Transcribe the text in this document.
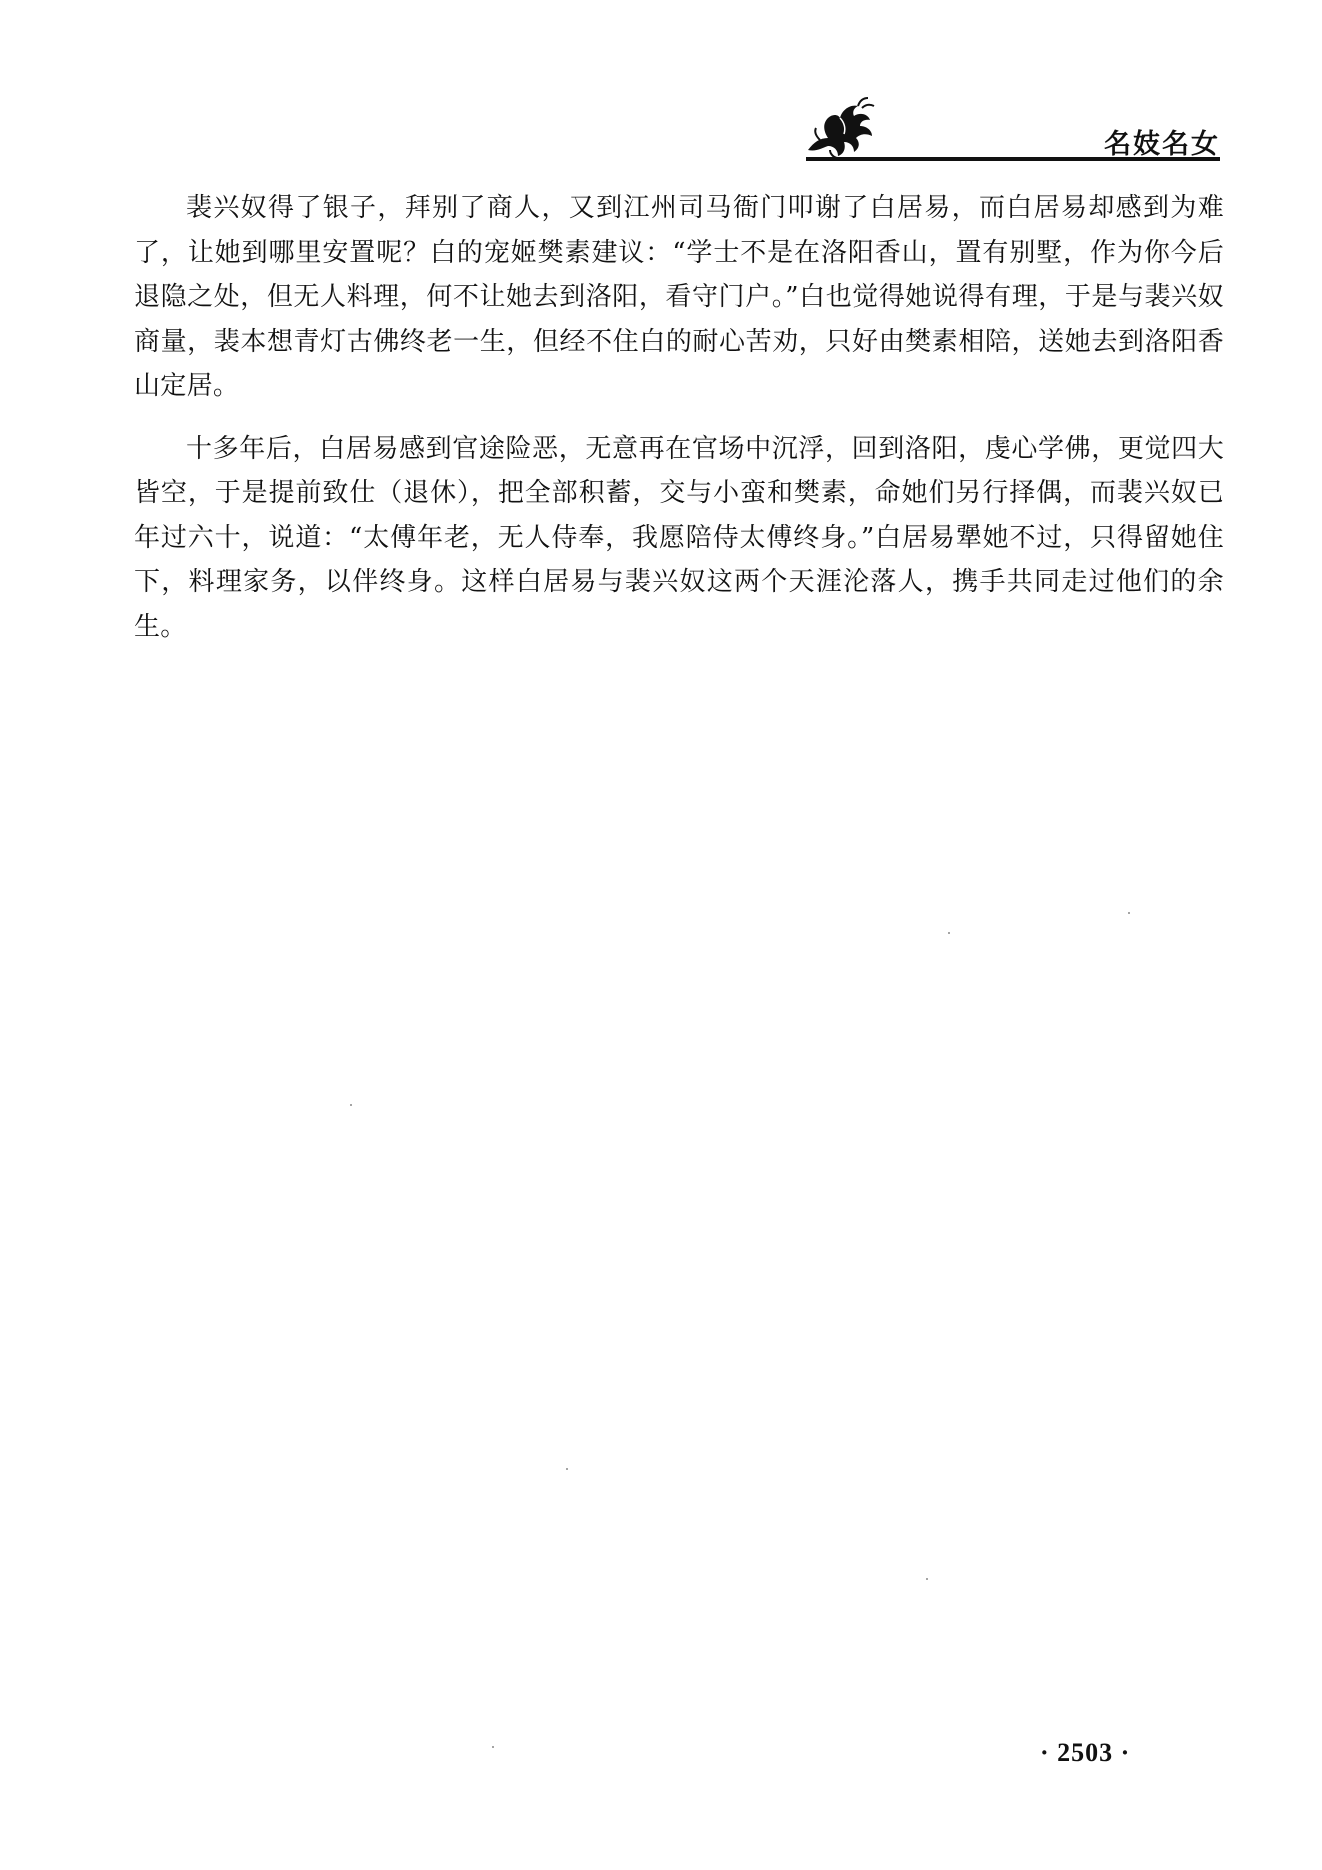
名妓名女

裴兴奴得了银子，拜别了商人，又到江州司马衙门叩谢了白居易，而白居易却感到为难了，让她到哪里安置呢？白的宠姬樊素建议：“学士不是在洛阳香山，置有别墅，作为你今后退隐之处，但无人料理，何不让她去到洛阳，看守门户。”白也觉得她说得有理，于是与裴兴奴商量，裴本想青灯古佛终老一生，但经不住白的耐心苦劝，只好由樊素相陪，送她去到洛阳香山定居。

十多年后，白居易感到官途险恶，无意再在官场中沉浮，回到洛阳，虔心学佛，更觉四大皆空，于是提前致仕（退休），把全部积蓄，交与小蛮和樊素，命她们另行择偶，而裴兴奴已年过六十，说道：“太傅年老，无人侍奉，我愿陪侍太傅终身。”白居易犟她不过，只得留她住下，料理家务，以伴终身。这样白居易与裴兴奴这两个天涯沦落人，携手共同走过他们的余生。

· 2503 ·
